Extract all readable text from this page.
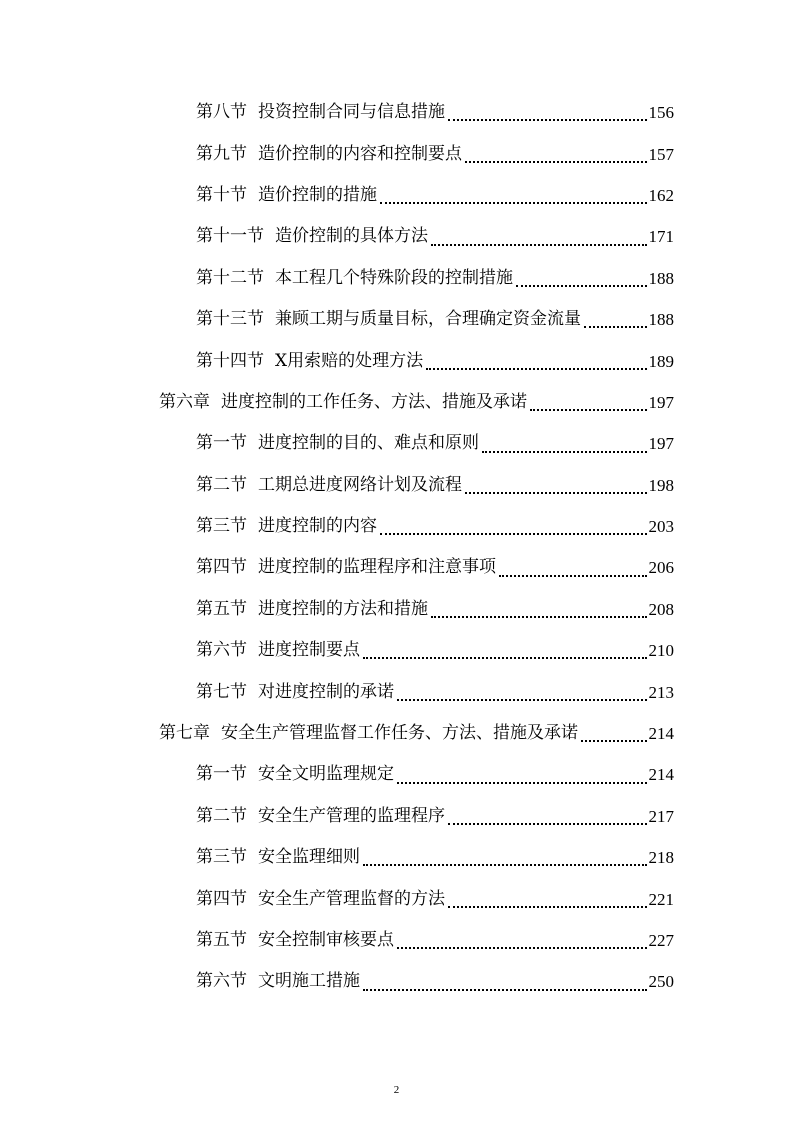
第八节 投资控制合同与信息措施	156
第九节 造价控制的内容和控制要点	157
第十节 造价控制的措施	162
第十一节 造价控制的具体方法	171
第十二节 本工程几个特殊阶段的控制措施	188
第十三节 兼顾工期与质量目标，合理确定资金流量	188
第十四节 X用索赔的处理方法	189
第六章 进度控制的工作任务、方法、措施及承诺	197
第一节 进度控制的目的、难点和原则	197
第二节 工期总进度网络计划及流程	198
第三节 进度控制的内容	203
第四节 进度控制的监理程序和注意事项	206
第五节 进度控制的方法和措施	208
第六节 进度控制要点	210
第七节 对进度控制的承诺	213
第七章 安全生产管理监督工作任务、方法、措施及承诺	214
第一节 安全文明监理规定	214
第二节 安全生产管理的监理程序	217
第三节 安全监理细则	218
第四节 安全生产管理监督的方法	221
第五节 安全控制审核要点	227
第六节 文明施工措施	250
2
